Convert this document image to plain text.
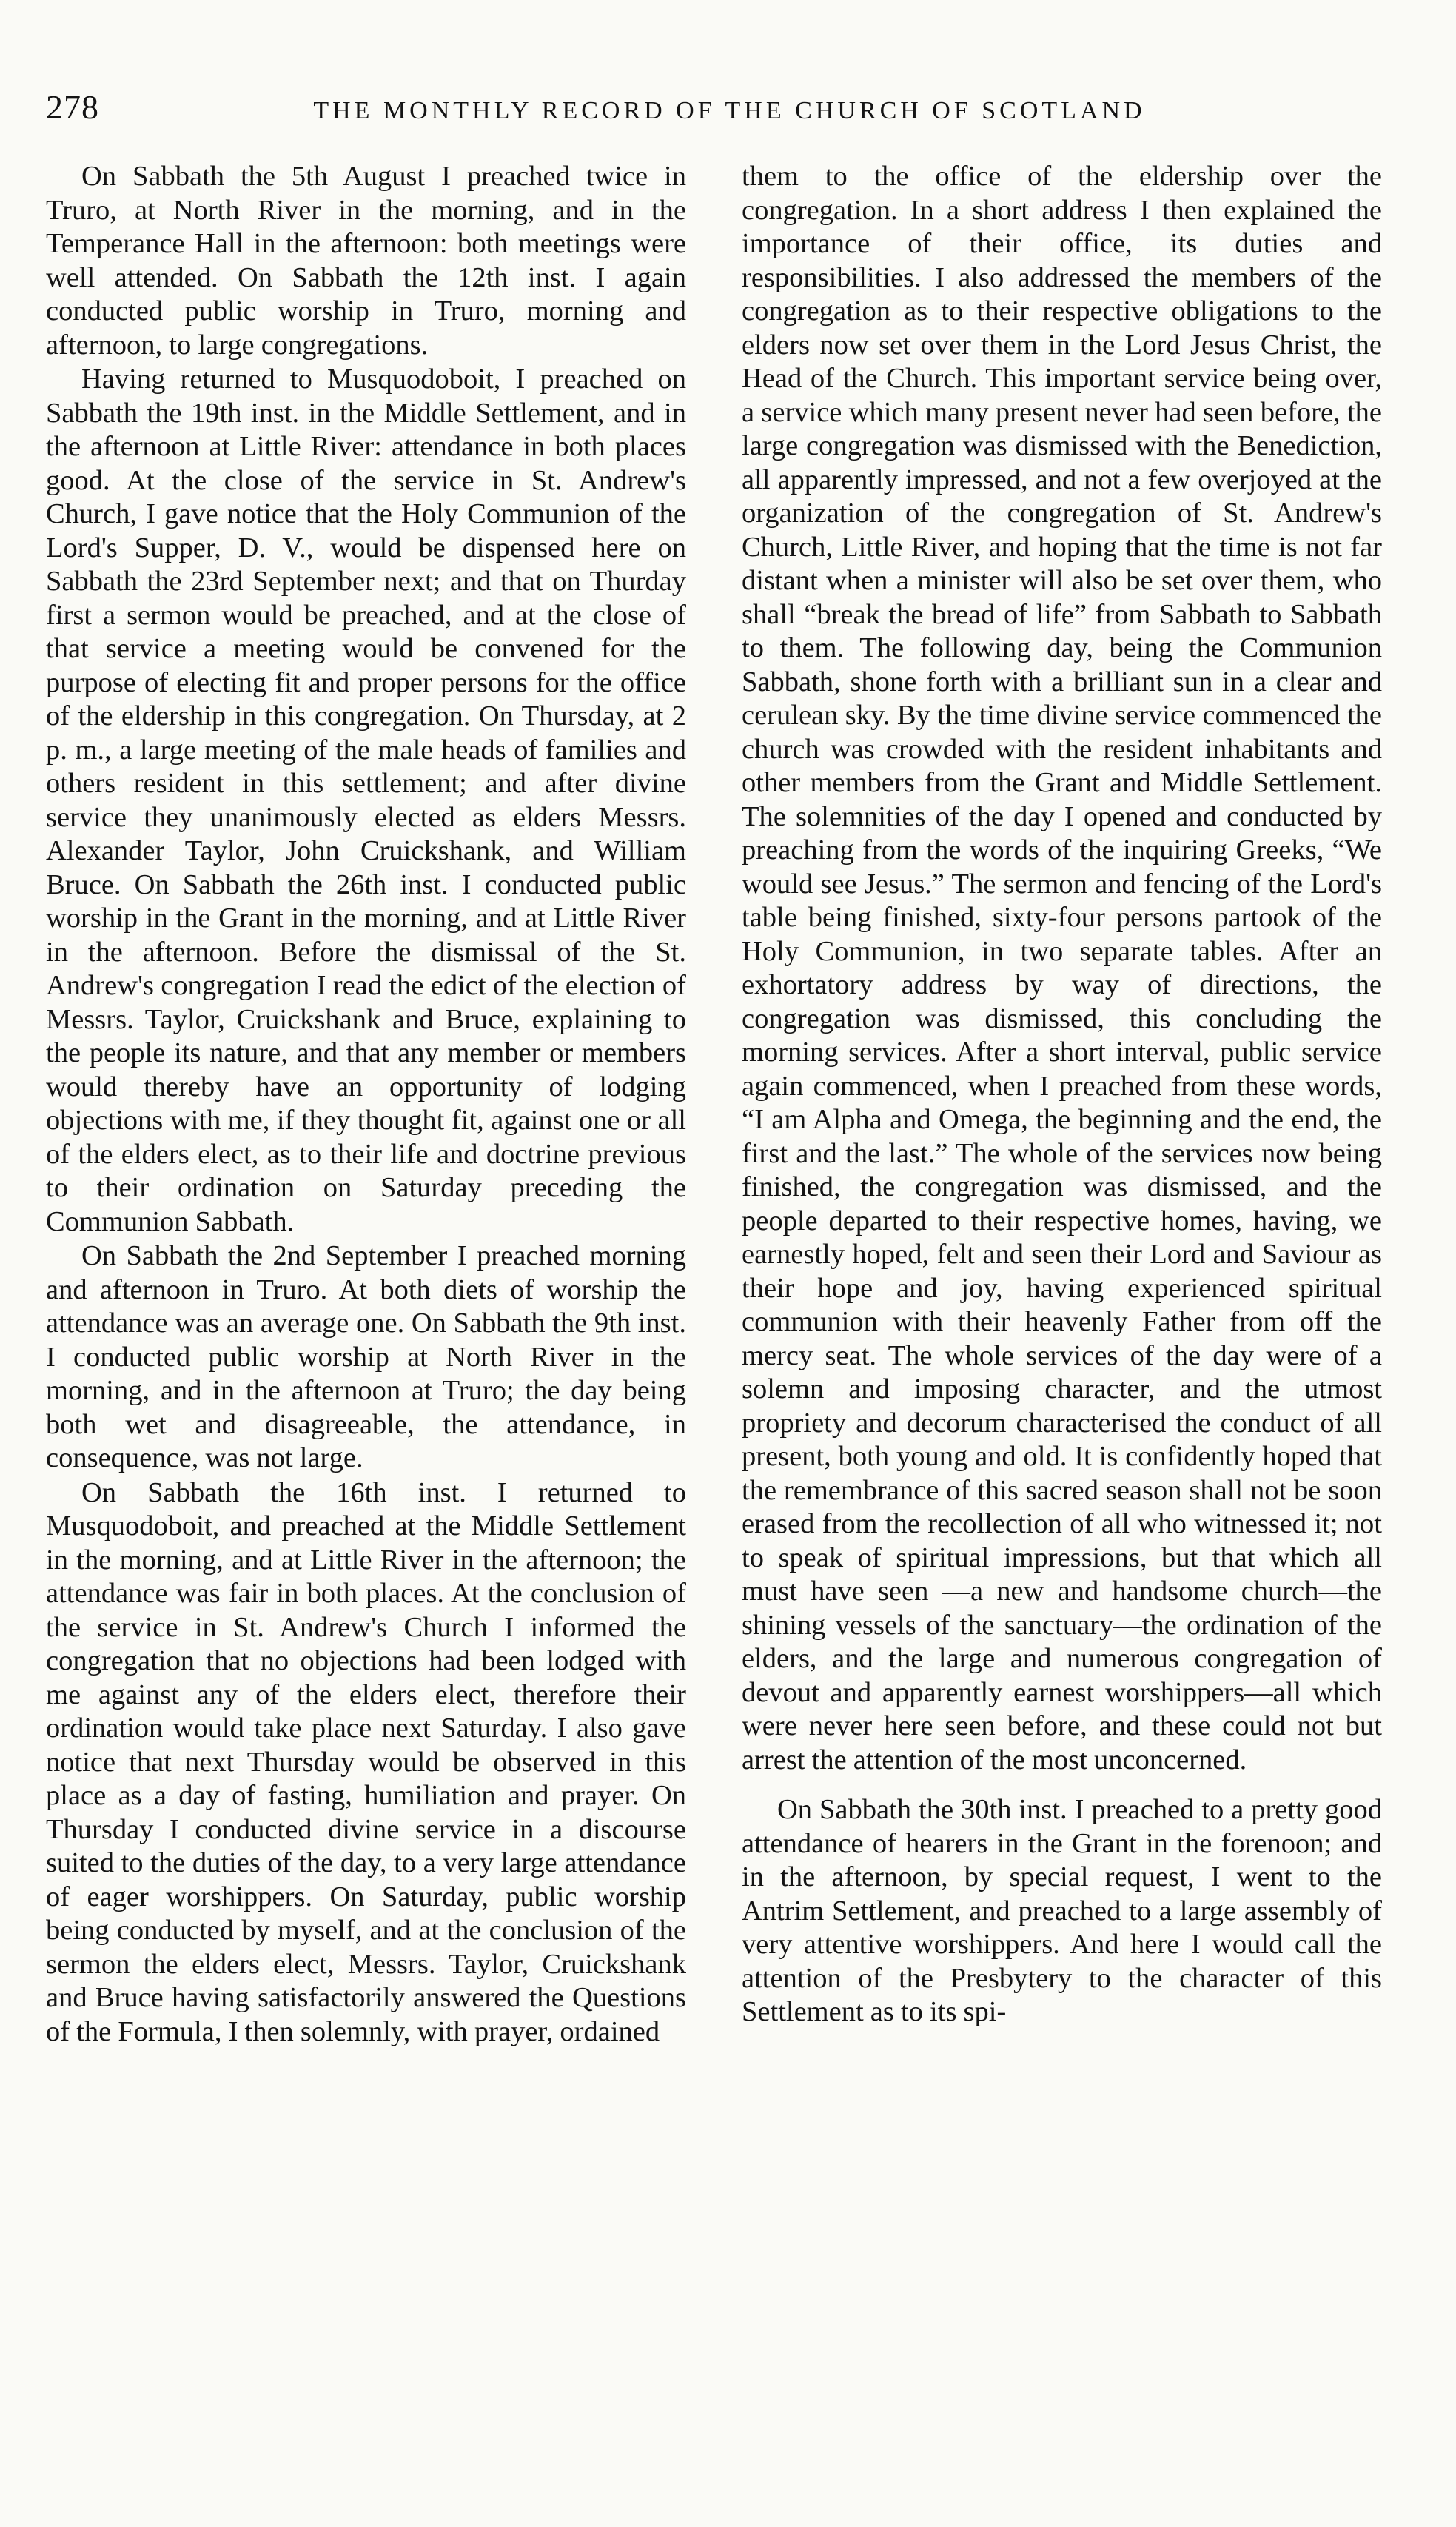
278	THE MONTHLY RECORD OF THE CHURCH OF SCOTLAND

On Sabbath the 5th August I preached twice in Truro, at North River in the morning, and in the Temperance Hall in the afternoon: both meetings were well attended. On Sabbath the 12th inst. I again conducted public worship in Truro, morning and afternoon, to large congregations.

Having returned to Musquodoboit, I preached on Sabbath the 19th inst. in the Middle Settlement, and in the afternoon at Little River: attendance in both places good. At the close of the service in St. Andrew's Church, I gave notice that the Holy Communion of the Lord's Supper, D. V., would be dispensed here on Sabbath the 23rd September next; and that on Thurday first a sermon would be preached, and at the close of that service a meeting would be convened for the purpose of electing fit and proper persons for the office of the eldership in this congregation. On Thursday, at 2 p. m., a large meeting of the male heads of families and others resident in this settlement; and after divine service they unanimously elected as elders Messrs. Alexander Taylor, John Cruickshank, and William Bruce. On Sabbath the 26th inst. I conducted public worship in the Grant in the morning, and at Little River in the afternoon. Before the dismissal of the St. Andrew's congregation I read the edict of the election of Messrs. Taylor, Cruickshank and Bruce, explaining to the people its nature, and that any member or members would thereby have an opportunity of lodging objections with me, if they thought fit, against one or all of the elders elect, as to their life and doctrine previous to their ordination on Saturday preceding the Communion Sabbath.

On Sabbath the 2nd September I preached morning and afternoon in Truro. At both diets of worship the attendance was an average one. On Sabbath the 9th inst. I conducted public worship at North River in the morning, and in the afternoon at Truro; the day being both wet and disagreeable, the attendance, in consequence, was not large.

On Sabbath the 16th inst. I returned to Musquodoboit, and preached at the Middle Settlement in the morning, and at Little River in the afternoon; the attendance was fair in both places. At the conclusion of the service in St. Andrew's Church I informed the congregation that no objections had been lodged with me against any of the elders elect, therefore their ordination would take place next Saturday. I also gave notice that next Thursday would be observed in this place as a day of fasting, humiliation and prayer. On Thursday I conducted divine service in a discourse suited to the duties of the day, to a very large attendance of eager worshippers. On Saturday, public worship being conducted by myself, and at the conclusion of the sermon the elders elect, Messrs. Taylor, Cruickshank and Bruce having satisfactorily answered the Questions of the Formula, I then solemnly, with prayer, ordained

them to the office of the eldership over the congregation. In a short address I then explained the importance of their office, its duties and responsibilities. I also addressed the members of the congregation as to their respective obligations to the elders now set over them in the Lord Jesus Christ, the Head of the Church. This important service being over, a service which many present never had seen before, the large congregation was dismissed with the Benediction, all apparently impressed, and not a few overjoyed at the organization of the congregation of St. Andrew's Church, Little River, and hoping that the time is not far distant when a minister will also be set over them, who shall “break the bread of life” from Sabbath to Sabbath to them. The following day, being the Communion Sabbath, shone forth with a brilliant sun in a clear and cerulean sky. By the time divine service commenced the church was crowded with the resident inhabitants and other members from the Grant and Middle Settlement. The solemnities of the day I opened and conducted by preaching from the words of the inquiring Greeks, “We would see Jesus.” The sermon and fencing of the Lord's table being finished, sixty-four persons partook of the Holy Communion, in two separate tables. After an exhortatory address by way of directions, the congregation was dismissed, this concluding the morning services. After a short interval, public service again commenced, when I preached from these words, “I am Alpha and Omega, the beginning and the end, the first and the last.” The whole of the services now being finished, the congregation was dismissed, and the people departed to their respective homes, having, we earnestly hoped, felt and seen their Lord and Saviour as their hope and joy, having experienced spiritual communion with their heavenly Father from off the mercy seat. The whole services of the day were of a solemn and imposing character, and the utmost propriety and decorum characterised the conduct of all present, both young and old. It is confidently hoped that the remembrance of this sacred season shall not be soon erased from the recollection of all who witnessed it; not to speak of spiritual impressions, but that which all must have seen —a new and handsome church—the shining vessels of the sanctuary—the ordination of the elders, and the large and numerous congregation of devout and apparently earnest worshippers—all which were never here seen before, and these could not but arrest the attention of the most unconcerned.

On Sabbath the 30th inst. I preached to a pretty good attendance of hearers in the Grant in the forenoon; and in the afternoon, by special request, I went to the Antrim Settlement, and preached to a large assembly of very attentive worshippers. And here I would call the attention of the Presbytery to the character of this Settlement as to its spi-
